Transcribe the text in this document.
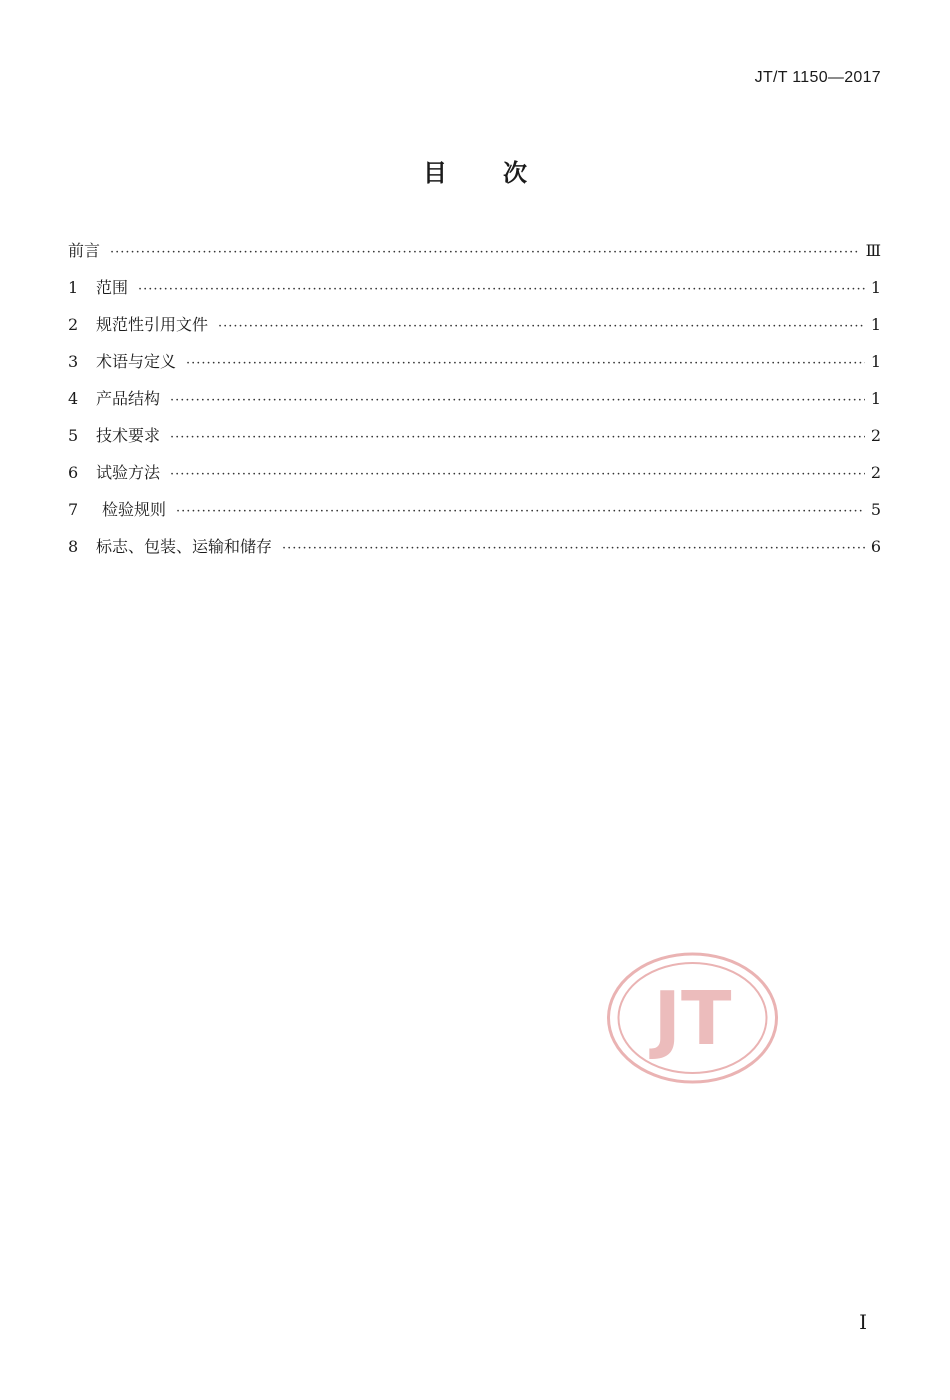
JT/T 1150—2017
目 次
前言 ·····	Ⅲ
1	范围 ·····	1
2	规范性引用文件 ·····	1
3	术语与定义 ·····	1
4	产品结构 ·····	1
5	技术要求 ·····	2
6	试验方法 ·····	2
7	检验规则 ·····	5
8	标志、包装、运输和储存 ·····	6
JT
I
